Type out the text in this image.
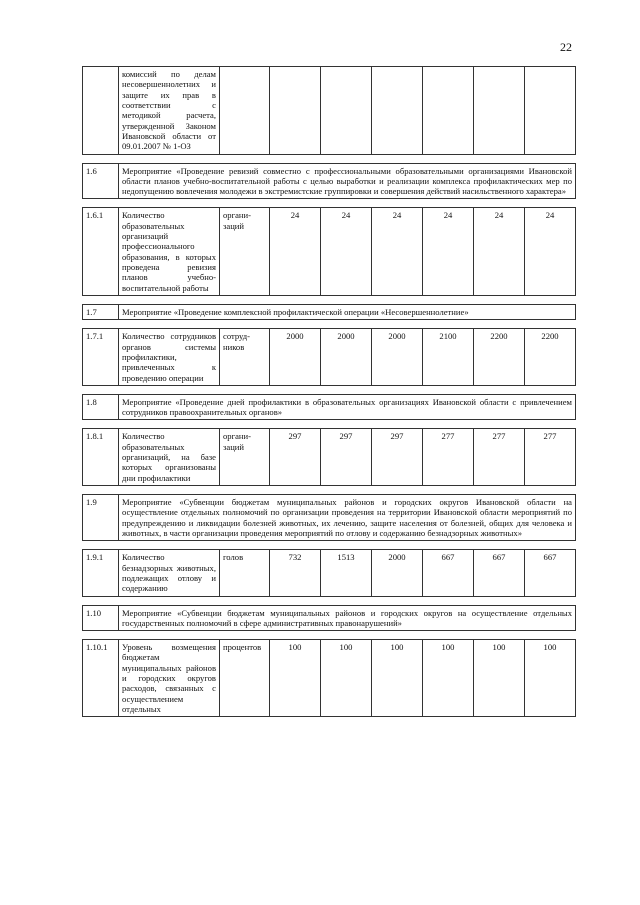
22
	комиссий по делам несовершеннолетних и защите их прав в соответствии с методикой расчета, утвержденной Законом Ивановской области от 09.01.2007 № 1-ОЗ							

1.6	Мероприятие «Проведение ревизий совместно с профессиональными образовательными организациями Ивановской области планов учебно-воспитательной работы с целью выработки и реализации комплекса профилактических мер по недопущению вовлечения молодежи в экстремистские группировки и совершения действий насильственного характера»							

1.6.1	Количество образовательных организаций профессионального образования, в которых проведена ревизия планов учебно-воспитательной работы	органи-заций	24	24	24	24	24	24

1.7	Мероприятие «Проведение комплексной профилактической операции «Несовершеннолетние»							

1.7.1	Количество сотрудников органов системы профилактики, привлеченных к проведению операции	сотруд-ников	2000	2000	2000	2100	2200	2200

1.8	Мероприятие «Проведение дней профилактики в образовательных организациях Ивановской области с привлечением сотрудников правоохранительных органов»							

1.8.1	Количество образовательных организаций, на базе которых организованы дни профилактики	органи-заций	297	297	297	277	277	277

1.9	Мероприятие «Субвенции бюджетам муниципальных районов и городских округов Ивановской области на осуществление отдельных полномочий по организации проведения на территории Ивановской области мероприятий по предупреждению и ликвидации болезней животных, их лечению, защите населения от болезней, общих для человека и животных, в части организации проведения мероприятий по отлову и содержанию безнадзорных животных»							

1.9.1	Количество безнадзорных животных, подлежащих отлову и содержанию	голов	732	1513	2000	667	667	667

1.10	Мероприятие «Субвенции бюджетам муниципальных районов и городских округов на осуществление отдельных государственных полномочий в сфере административных правонарушений»							

1.10.1	Уровень возмещения бюджетам муниципальных районов и городских округов расходов, связанных с осуществлением отдельных	процентов	100	100	100	100	100	100
